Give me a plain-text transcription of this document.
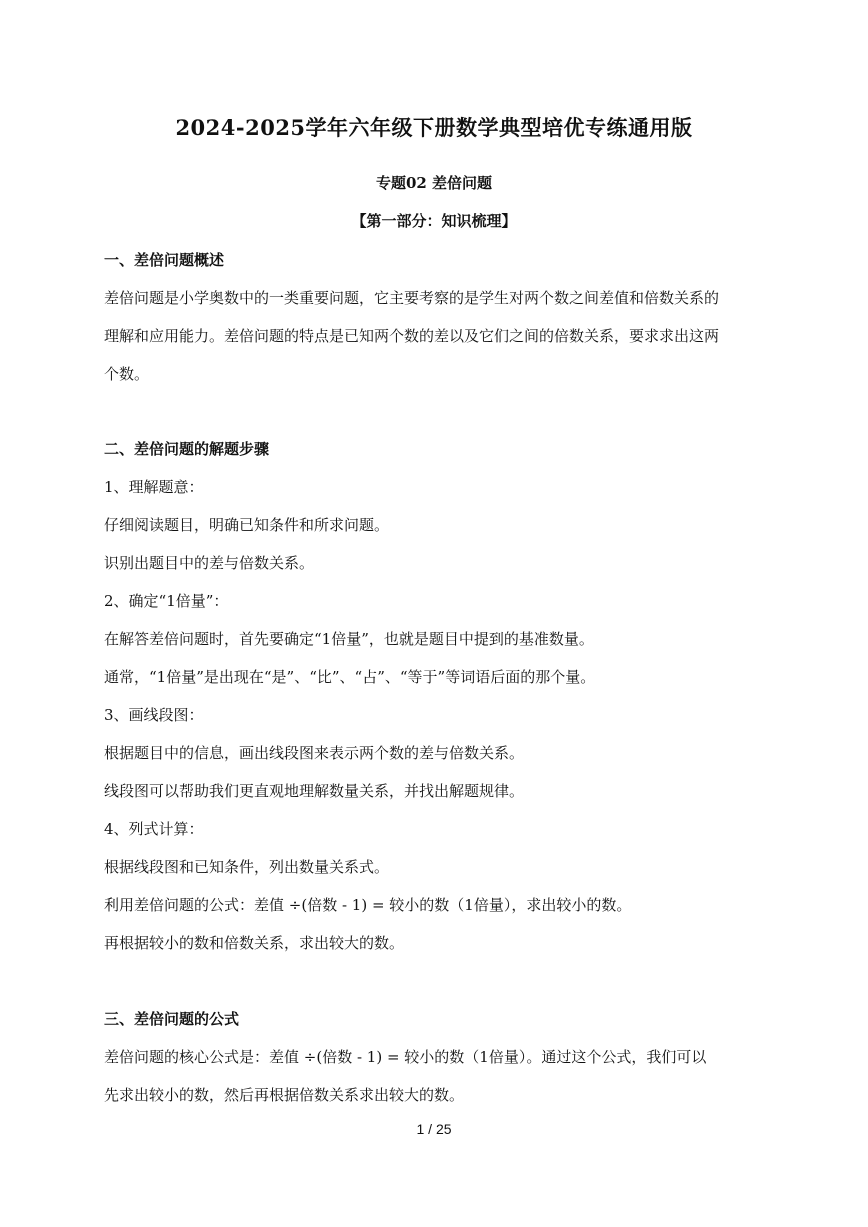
2024-2025学年六年级下册数学典型培优专练通用版
专题02 差倍问题
【第一部分：知识梳理】
一、差倍问题概述
差倍问题是小学奥数中的一类重要问题，它主要考察的是学生对两个数之间差值和倍数关系的
理解和应用能力。差倍问题的特点是已知两个数的差以及它们之间的倍数关系，要求求出这两
个数。
二、差倍问题的解题步骤
1、理解题意：
仔细阅读题目，明确已知条件和所求问题。
识别出题目中的差与倍数关系。
2、确定“1倍量”：
在解答差倍问题时，首先要确定“1倍量”，也就是题目中提到的基准数量。
通常，“1倍量”是出现在“是”、“比”、“占”、“等于”等词语后面的那个量。
3、画线段图：
根据题目中的信息，画出线段图来表示两个数的差与倍数关系。
线段图可以帮助我们更直观地理解数量关系，并找出解题规律。
4、列式计算：
根据线段图和已知条件，列出数量关系式。
利用差倍问题的公式：差值 ÷(倍数 - 1) = 较小的数（1倍量），求出较小的数。
再根据较小的数和倍数关系，求出较大的数。
三、差倍问题的公式
差倍问题的核心公式是：差值 ÷(倍数 - 1) = 较小的数（1倍量）。通过这个公式，我们可以
先求出较小的数，然后再根据倍数关系求出较大的数。
1 / 25
